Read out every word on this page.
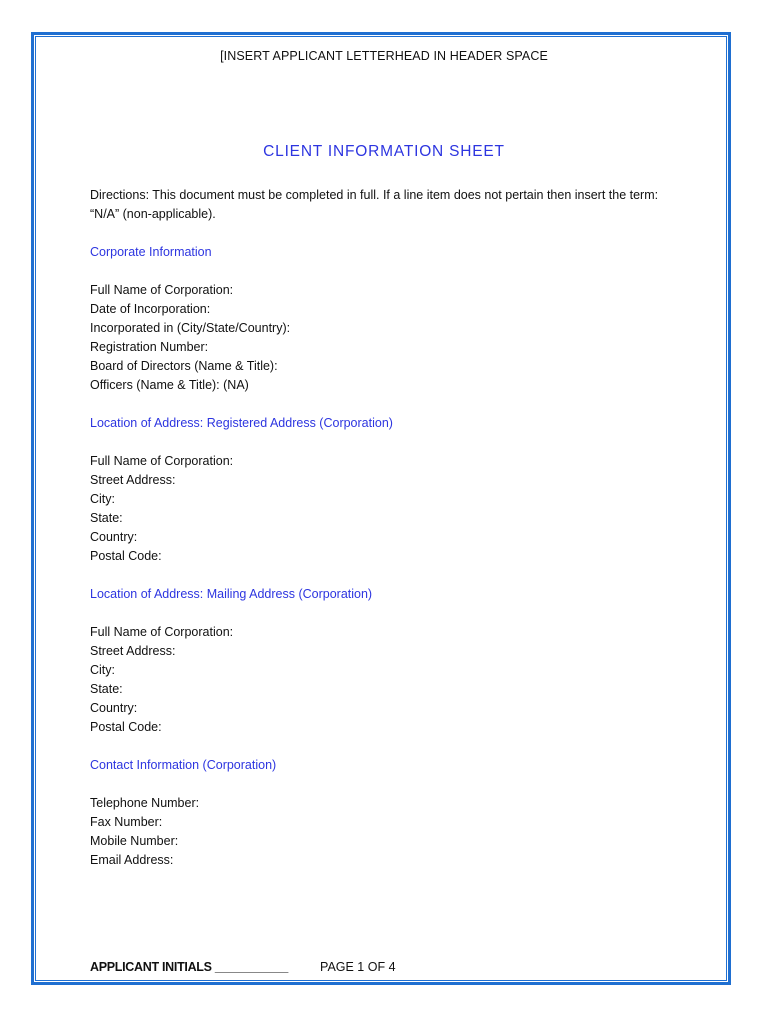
[INSERT APPLICANT LETTERHEAD IN HEADER SPACE
CLIENT INFORMATION SHEET

Directions: This document must be completed in full. If a line item does not pertain then insert the term: “N/A” (non-applicable).

Corporate Information
Full Name of Corporation:
Date of Incorporation:
Incorporated in (City/State/Country):
Registration Number:
Board of Directors (Name & Title):
Officers (Name & Title): (NA)
Location of Address: Registered Address (Corporation)
Full Name of Corporation:
Street Address:
City:
State:
Country:
Postal Code:
Location of Address: Mailing Address (Corporation)
Full Name of Corporation:
Street Address:
City:
State:
Country:
Postal Code:
Contact Information (Corporation)
Telephone Number:
Fax Number:
Mobile Number:
Email Address:
APPLICANT INITIALS ___________	PAGE 1 OF 4
